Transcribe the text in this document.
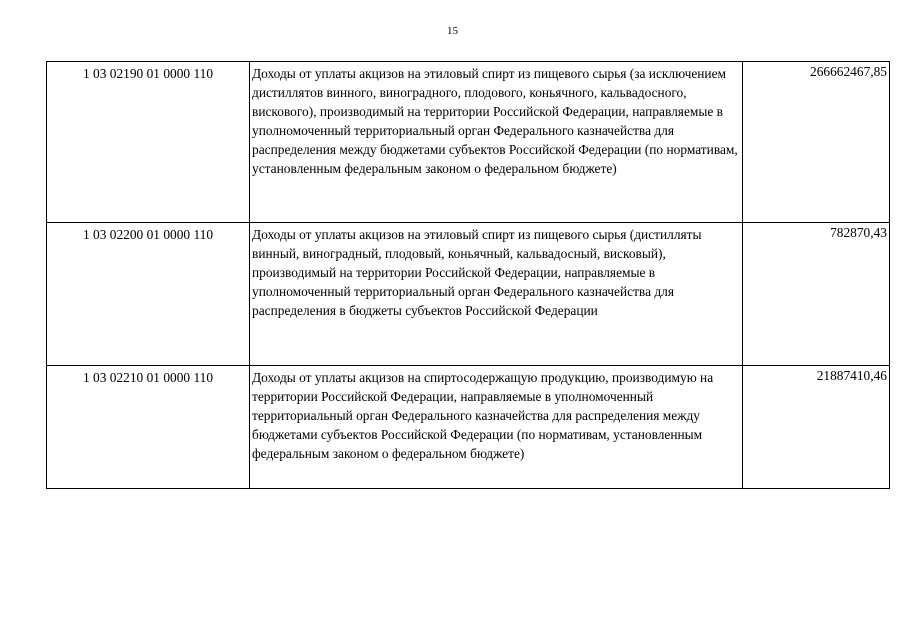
15
1 03 02190 01 0000 110	Доходы от уплаты акцизов на этиловый спирт из пищевого сырья (за исключением дистиллятов винного, виноградного, плодового, коньячного, кальвадосного, вискового), производимый на территории Российской Федерации, направляемые в уполномоченный территориальный орган Федерального казначейства для распределения между бюджетами субъектов Российской Федерации (по нормативам, установленным федеральным законом о федеральном бюджете)	266662467,85
1 03 02200 01 0000 110	Доходы от уплаты акцизов на этиловый спирт из пищевого сырья (дистилляты винный, виноградный, плодовый, коньячный, кальвадосный, висковый), производимый на территории Российской Федерации, направляемые в уполномоченный территориальный орган Федерального казначейства для распределения в бюджеты субъектов Российской Федерации	782870,43
1 03 02210 01 0000 110	Доходы от уплаты акцизов на спиртосодержащую продукцию, производимую на территории Российской Федерации, направляемые в уполномоченный территориальный орган Федерального казначейства для распределения между бюджетами субъектов Российской Федерации (по нормативам, установленным федеральным законом о федеральном бюджете)	21887410,46
